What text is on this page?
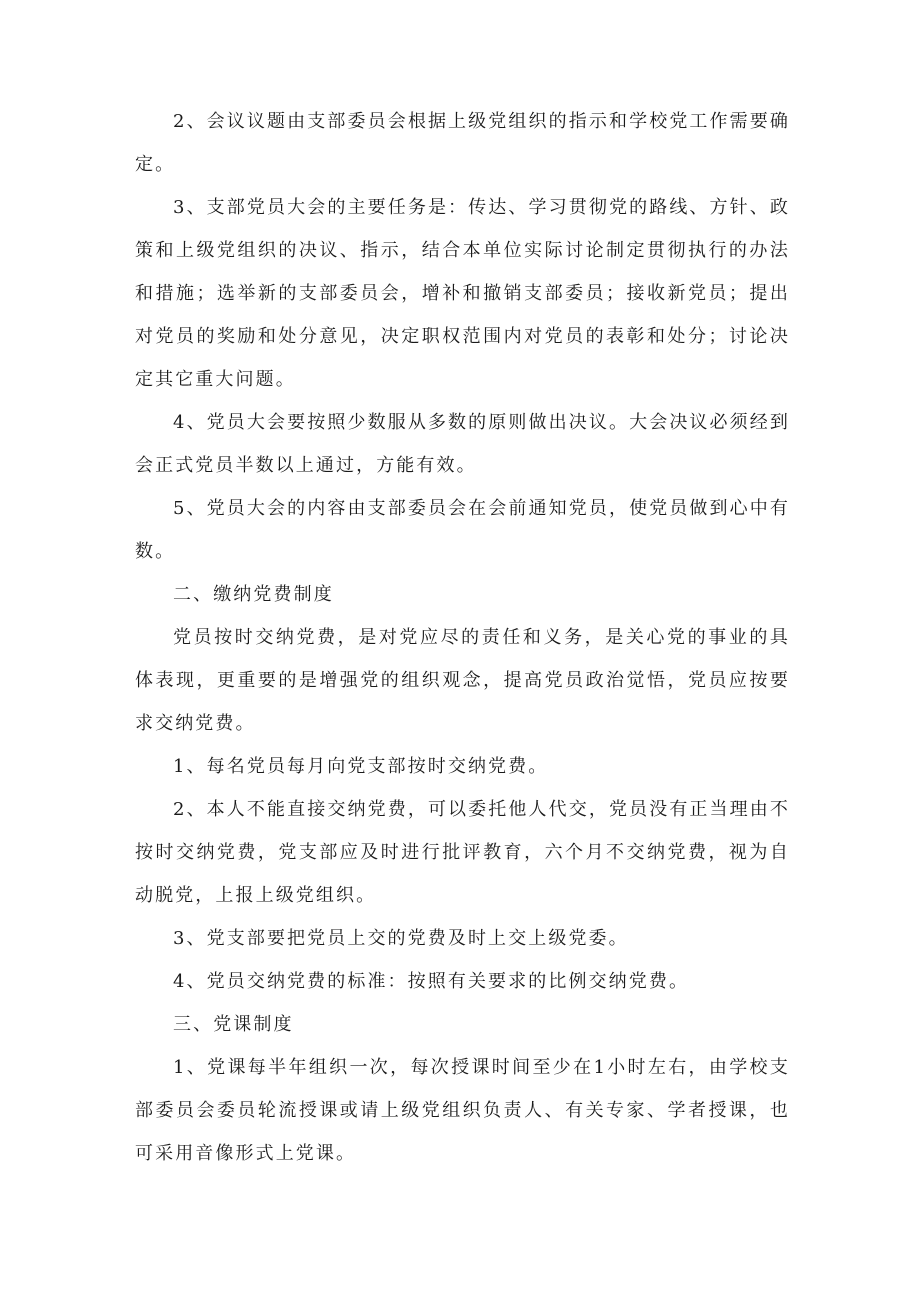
2、会议议题由支部委员会根据上级党组织的指示和学校党工作需要确定。

3、支部党员大会的主要任务是：传达、学习贯彻党的路线、方针、政策和上级党组织的决议、指示，结合本单位实际讨论制定贯彻执行的办法和措施；选举新的支部委员会，增补和撤销支部委员；接收新党员；提出对党员的奖励和处分意见，决定职权范围内对党员的表彰和处分；讨论决定其它重大问题。

4、党员大会要按照少数服从多数的原则做出决议。大会决议必须经到会正式党员半数以上通过，方能有效。

5、党员大会的内容由支部委员会在会前通知党员，使党员做到心中有数。

二、缴纳党费制度

党员按时交纳党费，是对党应尽的责任和义务，是关心党的事业的具体表现，更重要的是增强党的组织观念，提高党员政治觉悟，党员应按要求交纳党费。

1、每名党员每月向党支部按时交纳党费。

2、本人不能直接交纳党费，可以委托他人代交，党员没有正当理由不按时交纳党费，党支部应及时进行批评教育，六个月不交纳党费，视为自动脱党，上报上级党组织。

3、党支部要把党员上交的党费及时上交上级党委。

4、党员交纳党费的标准：按照有关要求的比例交纳党费。

三、党课制度

1、党课每半年组织一次，每次授课时间至少在1小时左右，由学校支部委员会委员轮流授课或请上级党组织负责人、有关专家、学者授课，也可采用音像形式上党课。
